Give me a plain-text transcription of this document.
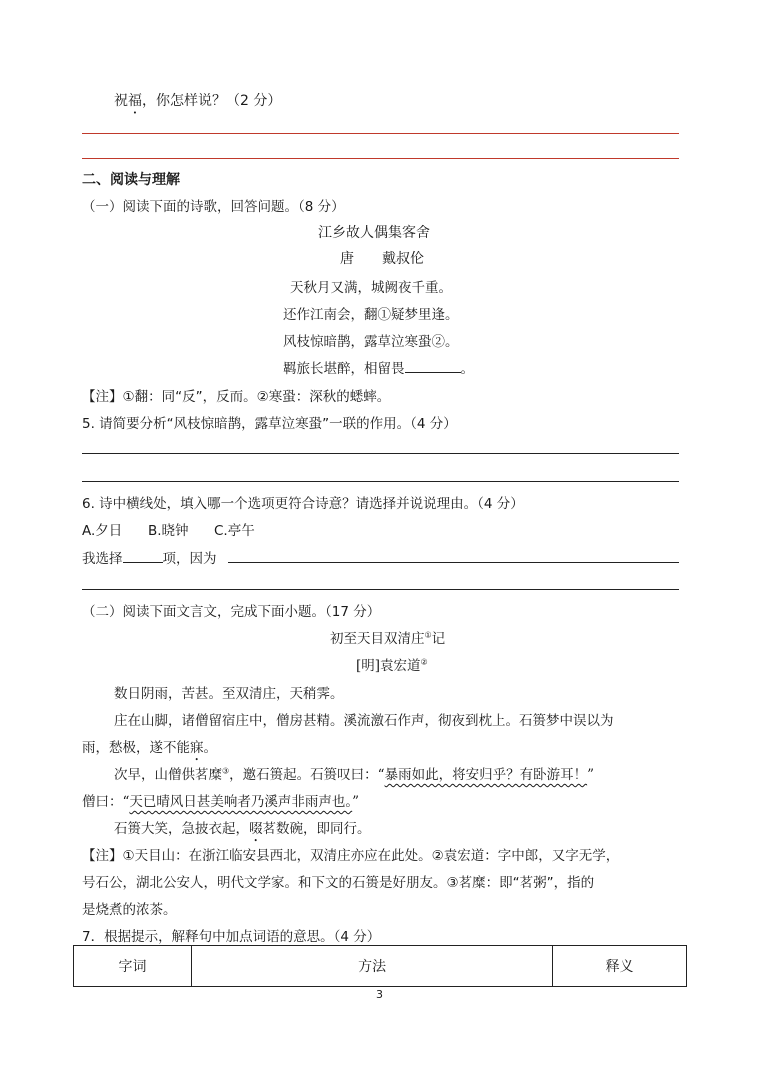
祝福，你怎样说？（2 分）
二、阅读与理解
（一）阅读下面的诗歌，回答问题。（8 分）
江乡故人偶集客舍
唐　　戴叔伦
天秋月又满，城阙夜千重。
还作江南会，翻①疑梦里逢。
风枝惊暗鹊，露草泣寒蛩②。
羁旅长堪醉，相留畏	。
【注】①翻：同“反”，反而。②寒蛩：深秋的蟋蟀。
5. 请简要分析“风枝惊暗鹊，露草泣寒蛩”一联的作用。（4 分）
6. 诗中横线处，填入哪一个选项更符合诗意？请选择并说说理由。（4 分）
A.夕日 B.晓钟 C.亭午
我选择	项，因为
（二）阅读下面文言文，完成下面小题。（17 分）
初至天目双清庄①记
[明]袁宏道②
数日阴雨，苦甚。至双清庄，天稍霁。
庄在山脚，诸僧留宿庄中，僧房甚精。溪流激石作声，彻夜到枕上。石篑梦中误以为
雨，愁极，遂不能寐。
次早，山僧供茗糜③，邀石篑起。石篑叹曰：“暴雨如此，将安归乎？有卧游耳！”
僧曰：“天已晴风日甚美响者乃溪声非雨声也。”
石篑大笑，急披衣起，啜茗数碗，即同行。
【注】①天目山：在浙江临安县西北，双清庄亦应在此处。②袁宏道：字中郎，又字无学，
号石公，湖北公安人，明代文学家。和下文的石篑是好朋友。③茗糜：即“茗粥”，指的
是烧煮的浓茶。
7．根据提示，解释句中加点词语的意思。（4 分）
字词	方法	释义
3
